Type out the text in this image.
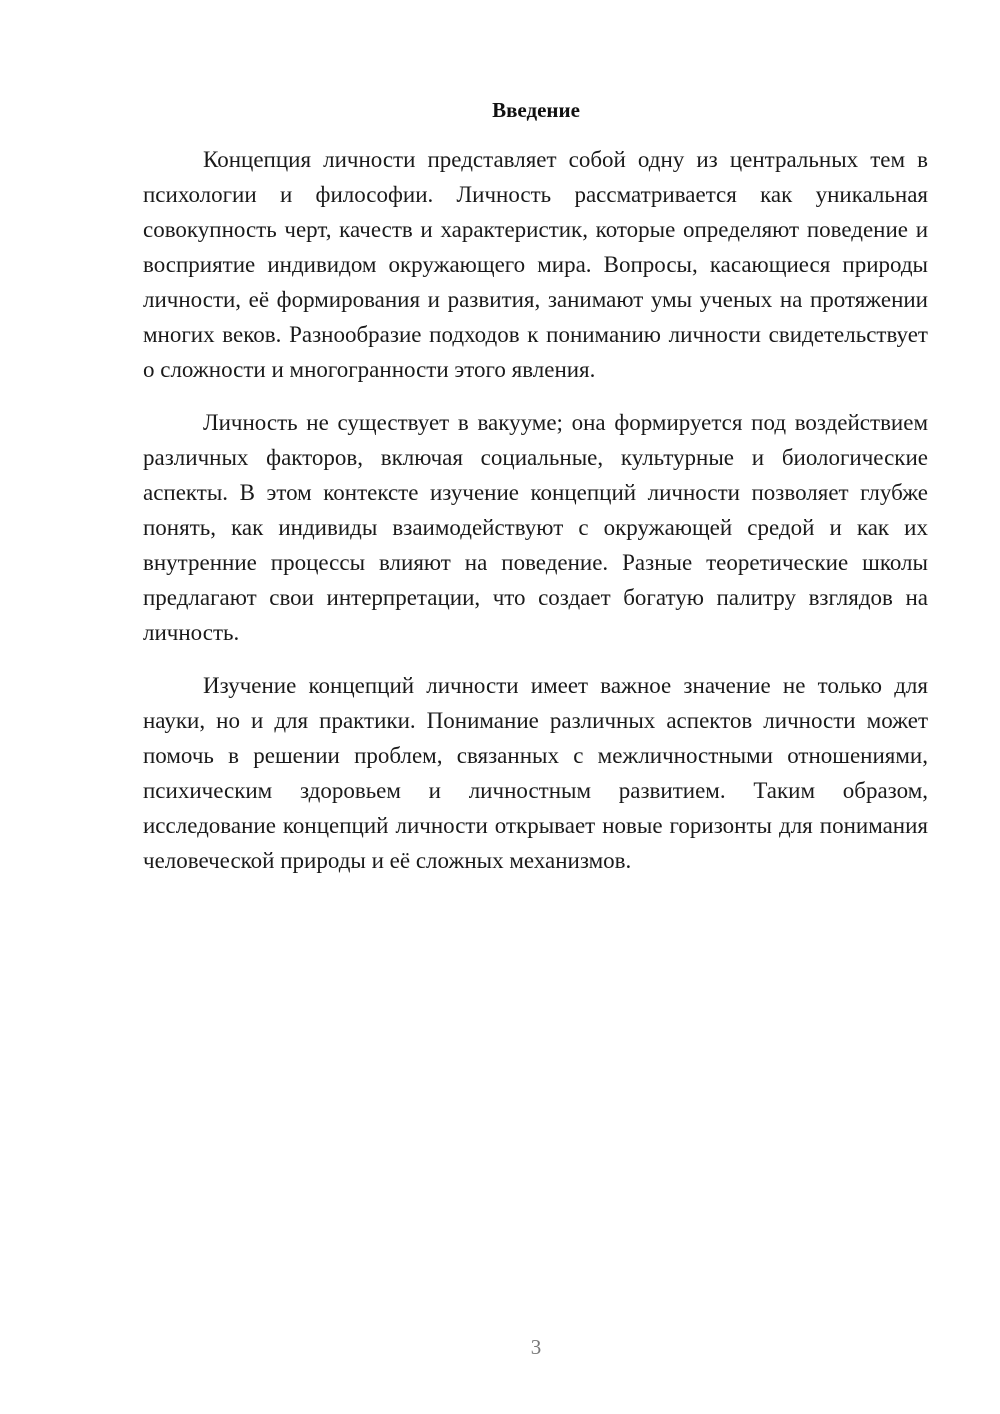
Введение

Концепция личности представляет собой одну из центральных тем в психологии и философии. Личность рассматривается как уникальная совокупность черт, качеств и характеристик, которые определяют поведение и восприятие индивидом окружающего мира. Вопросы, касающиеся природы личности, её формирования и развития, занимают умы ученых на протяжении многих веков. Разнообразие подходов к пониманию личности свидетельствует о сложности и многогранности этого явления.

Личность не существует в вакууме; она формируется под воздействием различных факторов, включая социальные, культурные и биологические аспекты. В этом контексте изучение концепций личности позволяет глубже понять, как индивиды взаимодействуют с окружающей средой и как их внутренние процессы влияют на поведение. Разные теоретические школы предлагают свои интерпретации, что создает богатую палитру взглядов на личность.

Изучение концепций личности имеет важное значение не только для науки, но и для практики. Понимание различных аспектов личности может помочь в решении проблем, связанных с межличностными отношениями, психическим здоровьем и личностным развитием. Таким образом, исследование концепций личности открывает новые горизонты для понимания человеческой природы и её сложных механизмов.

3
